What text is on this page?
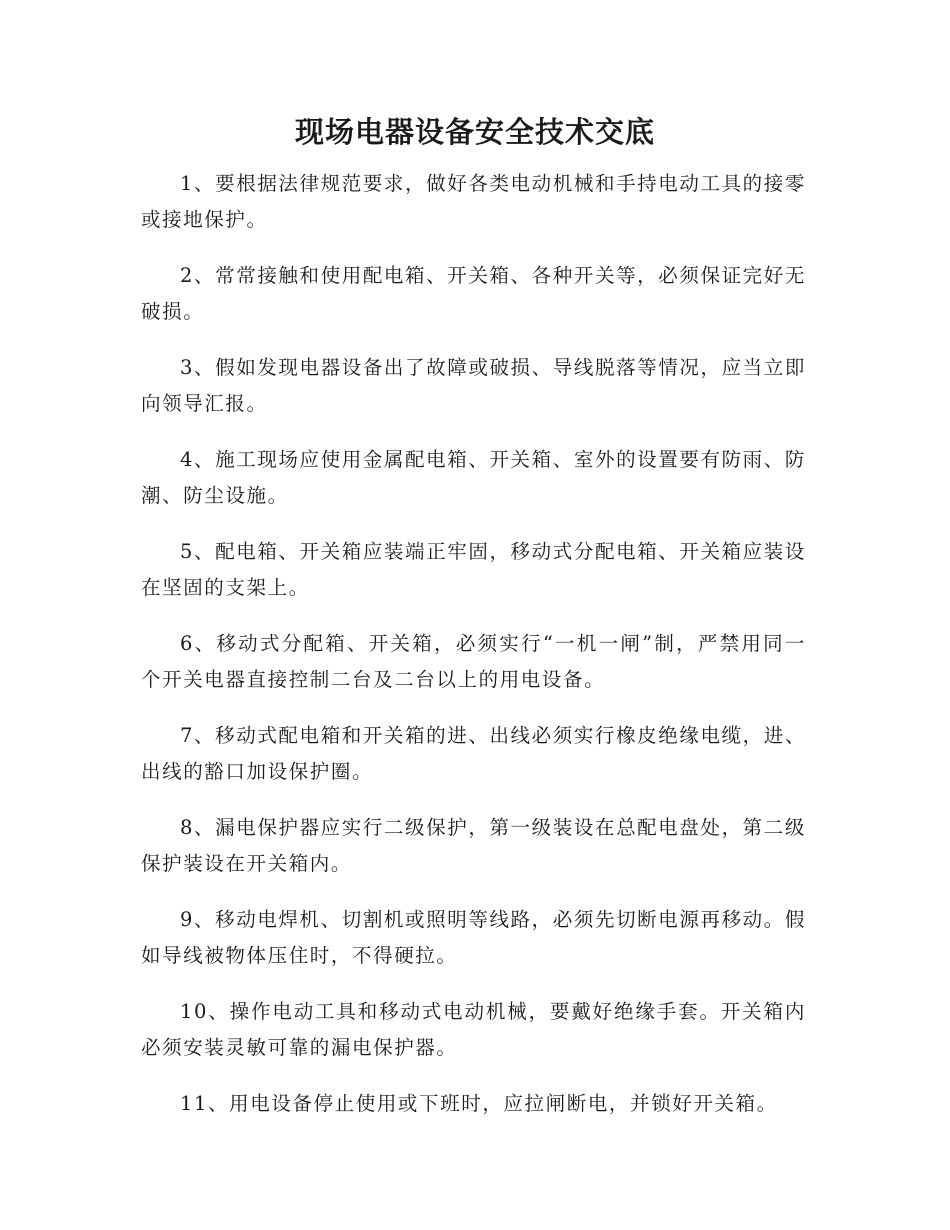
现场电器设备安全技术交底

1、要根据法律规范要求，做好各类电动机械和手持电动工具的接零或接地保护。

2、常常接触和使用配电箱、开关箱、各种开关等，必须保证完好无破损。

3、假如发现电器设备出了故障或破损、导线脱落等情况，应当立即向领导汇报。

4、施工现场应使用金属配电箱、开关箱、室外的设置要有防雨、防潮、防尘设施。

5、配电箱、开关箱应装端正牢固，移动式分配电箱、开关箱应装设在坚固的支架上。

6、移动式分配箱、开关箱，必须实行“一机一闸”制，严禁用同一个开关电器直接控制二台及二台以上的用电设备。

7、移动式配电箱和开关箱的进、出线必须实行橡皮绝缘电缆，进、出线的豁口加设保护圈。

8、漏电保护器应实行二级保护，第一级装设在总配电盘处，第二级保护装设在开关箱内。

9、移动电焊机、切割机或照明等线路，必须先切断电源再移动。假如导线被物体压住时，不得硬拉。

10、操作电动工具和移动式电动机械，要戴好绝缘手套。开关箱内必须安装灵敏可靠的漏电保护器。

11、用电设备停止使用或下班时，应拉闸断电，并锁好开关箱。
